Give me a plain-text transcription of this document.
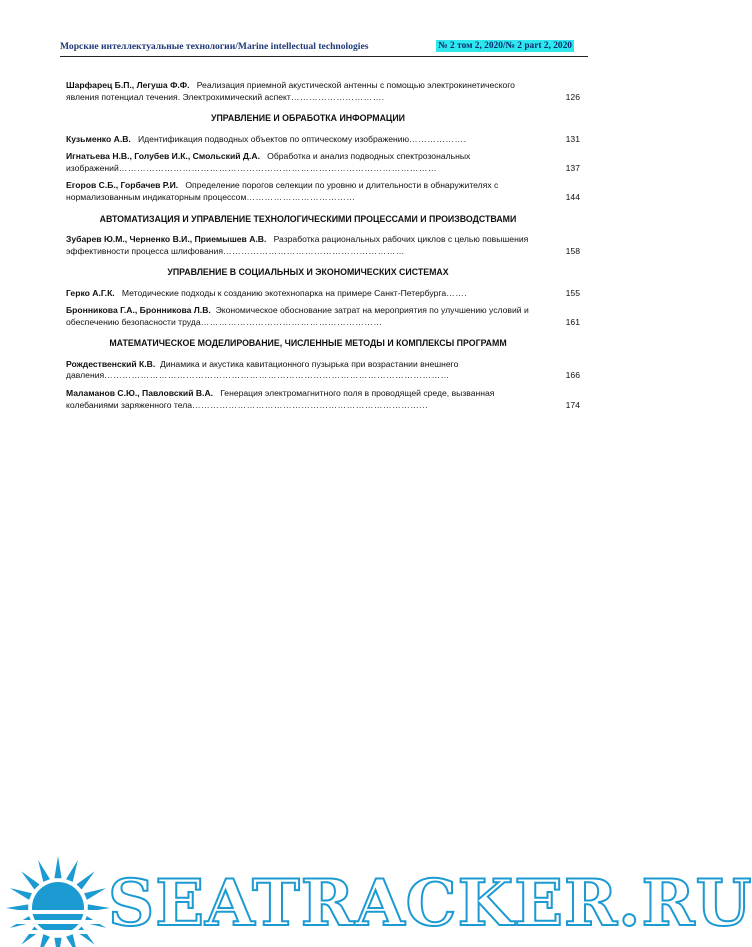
Морские интеллектуальные технологии/Marine intellectual technologies	№ 2 том 2, 2020/№ 2 part 2, 2020
Шарфарец Б.П., Легуша Ф.Ф. Реализация приемной акустической антенны с помощью электрокинетического явления потенциал течения. Электрохимический аспект………………………….	126
УПРАВЛЕНИЕ И ОБРАБОТКА ИНФОРМАЦИИ
Кузьменко А.В. Идентификация подводных объектов по оптическому изображению……………….	131
Игнатьева Н.В., Голубев И.К., Смольский Д.А. Обработка и анализ подводных спектрозональных изображений……………………………………………………………………………………………	137
Егоров С.Б., Горбачев Р.И. Определение порогов селекции по уровню и длительности в обнаружителях с нормализованным индикаторным процессом………………………………	144
АВТОМАТИЗАЦИЯ И УПРАВЛЕНИЕ ТЕХНОЛОГИЧЕСКИМИ ПРОЦЕССАМИ И ПРОИЗВОДСТВАМИ
Зубарев Ю.М., Черненко В.И., Приемышев А.В. Разработка рациональных рабочих циклов с целью повышения эффективности процесса шлифования……………………………………………………	158
УПРАВЛЕНИЕ В СОЦИАЛЬНЫХ И ЭКОНОМИЧЕСКИХ СИСТЕМАХ
Герко А.Г.К. Методические подходы к созданию экотехнопарка на примере Санкт-Петербурга…….	155
Бронникова Г.А., Бронникова Л.В. Экономическое обоснование затрат на мероприятия по улучшению условий и обеспечению безопасности труда……………………………………………………	161
МАТЕМАТИЧЕСКОЕ МОДЕЛИРОВАНИЕ, ЧИСЛЕННЫЕ МЕТОДЫ И КОМПЛЕКСЫ ПРОГРАММ
Рождественский К.В. Динамика и акустика кавитационного пузырька при возрастании внешнего давления……………………………………………………………………………………………………	166
Маламанов С.Ю., Павловский В.А. Генерация электромагнитного поля в проводящей среде, вызванная колебаниями заряженного тела…………………………………………………………………...	174
SEATRACKER.RU
